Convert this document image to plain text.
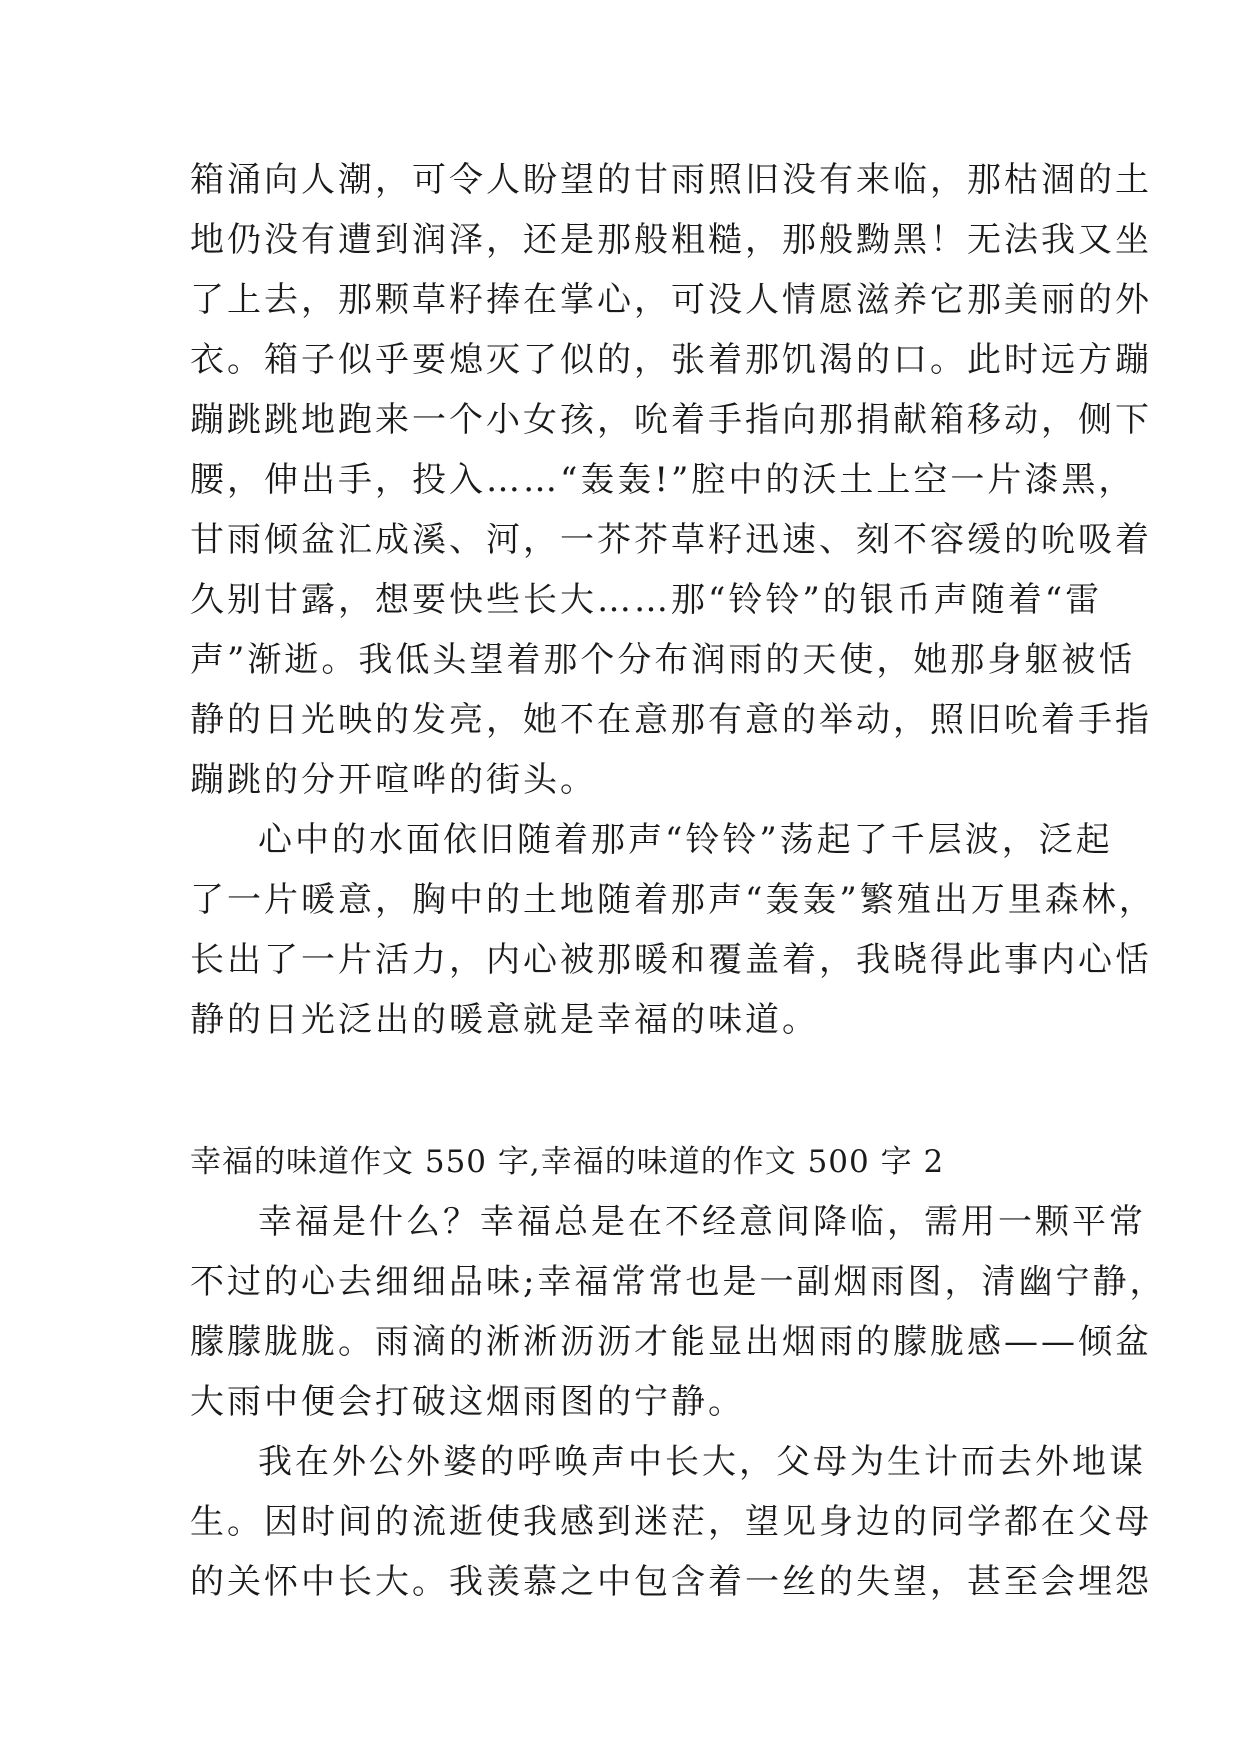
箱涌向人潮，可令人盼望的甘雨照旧没有来临，那枯涸的土
地仍没有遭到润泽，还是那般粗糙，那般黝黑！无法我又坐
了上去，那颗草籽捧在掌心，可没人情愿滋养它那美丽的外
衣。箱子似乎要熄灭了似的，张着那饥渴的口。此时远方蹦
蹦跳跳地跑来一个小女孩，吮着手指向那捐献箱移动，侧下
腰，伸出手，投入……“轰轰!”腔中的沃土上空一片漆黑，
甘雨倾盆汇成溪、河，一芥芥草籽迅速、刻不容缓的吮吸着
久别甘露，想要快些长大……那“铃铃”的银币声随着“雷
声”渐逝。我低头望着那个分布润雨的天使，她那身躯被恬
静的日光映的发亮，她不在意那有意的举动，照旧吮着手指
蹦跳的分开喧哗的街头。
心中的水面依旧随着那声“铃铃”荡起了千层波，泛起
了一片暖意，胸中的土地随着那声“轰轰”繁殖出万里森林，
长出了一片活力，内心被那暖和覆盖着，我晓得此事内心恬
静的日光泛出的暖意就是幸福的味道。
幸福的味道作文 550 字,幸福的味道的作文 500 字 2
幸福是什么？幸福总是在不经意间降临，需用一颗平常
不过的心去细细品味;幸福常常也是一副烟雨图，清幽宁静，
朦朦胧胧。雨滴的淅淅沥沥才能显出烟雨的朦胧感——倾盆
大雨中便会打破这烟雨图的宁静。
我在外公外婆的呼唤声中长大，父母为生计而去外地谋
生。因时间的流逝使我感到迷茫，望见身边的同学都在父母
的关怀中长大。我羡慕之中包含着一丝的失望，甚至会埋怨
